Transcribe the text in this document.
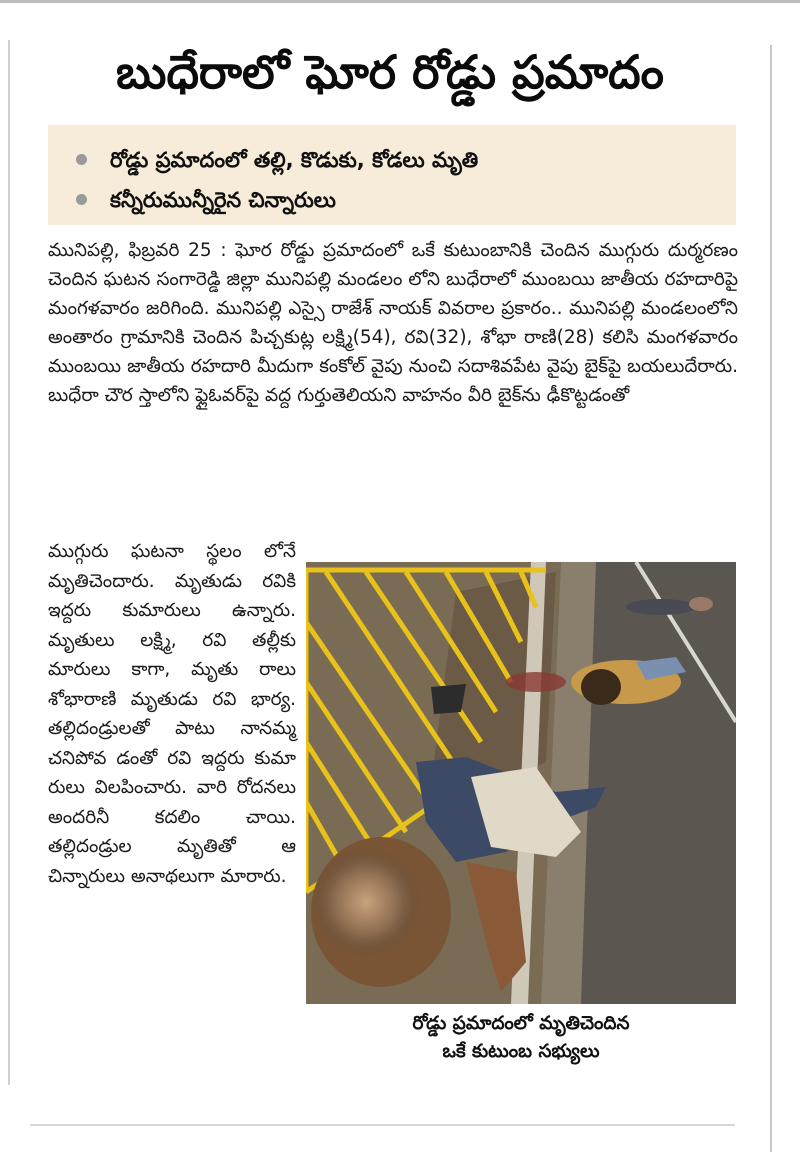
బుధేరాలో ఘోర రోడ్డు ప్రమాదం
రోడ్డు ప్రమాదంలో తల్లి, కొడుకు, కోడలు మృతి
కన్నీరుమున్నీరైన చిన్నారులు
మునిపల్లి, ఫిబ్రవరి 25 : ఘోర రోడ్డు ప్రమాదంలో ఒకే కుటుంబానికి చెందిన ముగ్గురు దుర్మరణం చెందిన ఘటన సంగారెడ్డి జిల్లా మునిపల్లి మండలం లోని బుధేరాలో ముంబయి జాతీయ రహదారిపై మంగళవారం జరిగింది. మునిపల్లి ఎస్సై రాజేశ్ నాయక్ వివరాల ప్రకారం.. మునిపల్లి మండలంలోని అంతారం గ్రామానికి చెందిన పిచ్చకుట్ల లక్ష్మి(54), రవి(32), శోభా రాణి(28) కలిసి మంగళవారం ముంబయి జాతీయ రహదారి మీదుగా కంకోల్ వైపు నుంచి సదాశివపేట వైపు బైక్‌పై బయలుదేరారు. బుధేరా చౌర స్తాలోని ఫ్లైఓవర్‌పై వద్ద గుర్తుతెలియని వాహనం వీరి బైక్‌ను ఢీకొట్టడంతో
ముగ్గురు ఘటనా స్థలం లోనే మృతిచెందారు. మృతుడు రవికి ఇద్దరు కుమారులు ఉన్నారు. మృతులు లక్ష్మి, రవి తల్లీకు మారులు కాగా, మృతు రాలు శోభారాణి మృతుడు రవి భార్య. తల్లిదండ్రులతో పాటు నానమ్మ చనిపోవ డంతో రవి ఇద్దరు కుమా రులు విలపించారు. వారి రోదనలు అందరినీ కదలిం చాయి. తల్లిదండ్రుల మృతితో ఆ చిన్నారులు అనాథలుగా మారారు.
రోడ్డు ప్రమాదంలో మృతిచెందిన
ఒకే కుటుంబ సభ్యులు
